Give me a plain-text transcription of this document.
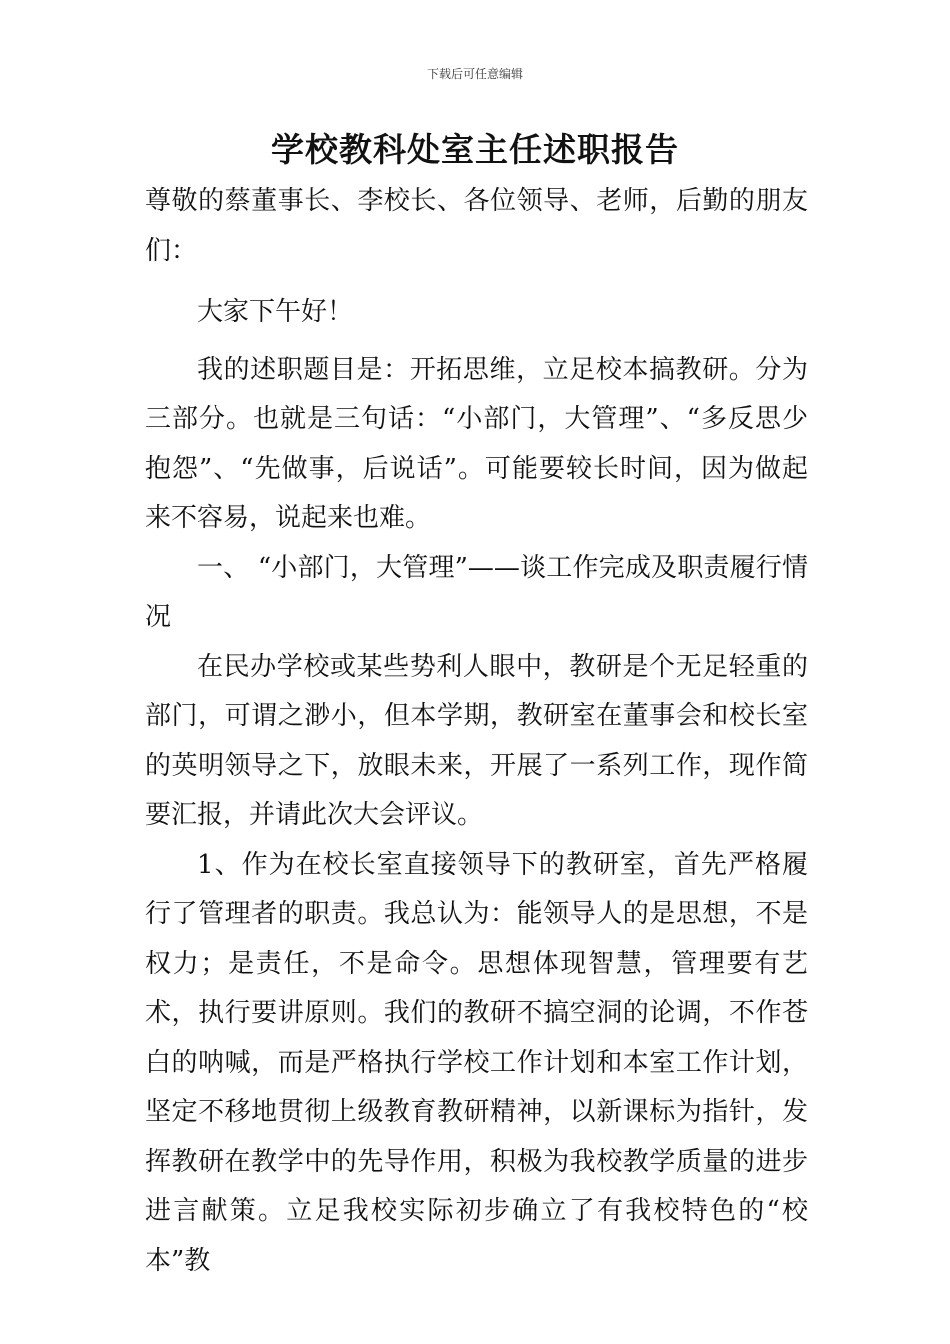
下载后可任意编辑
学校教科处室主任述职报告

尊敬的蔡董事长、李校长、各位领导、老师，后勤的朋友们：

大家下午好！

我的述职题目是：开拓思维，立足校本搞教研。分为三部分。也就是三句话：“小部门，大管理”、“多反思少抱怨”、“先做事，后说话”。可能要较长时间，因为做起来不容易，说起来也难。

一、 “小部门，大管理”——谈工作完成及职责履行情况

在民办学校或某些势利人眼中，教研是个无足轻重的部门，可谓之渺小，但本学期，教研室在董事会和校长室的英明领导之下，放眼未来，开展了一系列工作，现作简要汇报，并请此次大会评议。

1、作为在校长室直接领导下的教研室，首先严格履行了管理者的职责。我总认为：能领导人的是思想，不是权力；是责任，不是命令。思想体现智慧，管理要有艺术，执行要讲原则。我们的教研不搞空洞的论调，不作苍白的呐喊，而是严格执行学校工作计划和本室工作计划，坚定不移地贯彻上级教育教研精神，以新课标为指针，发挥教研在教学中的先导作用，积极为我校教学质量的进步进言献策。立足我校实际初步确立了有我校特色的“校本”教
